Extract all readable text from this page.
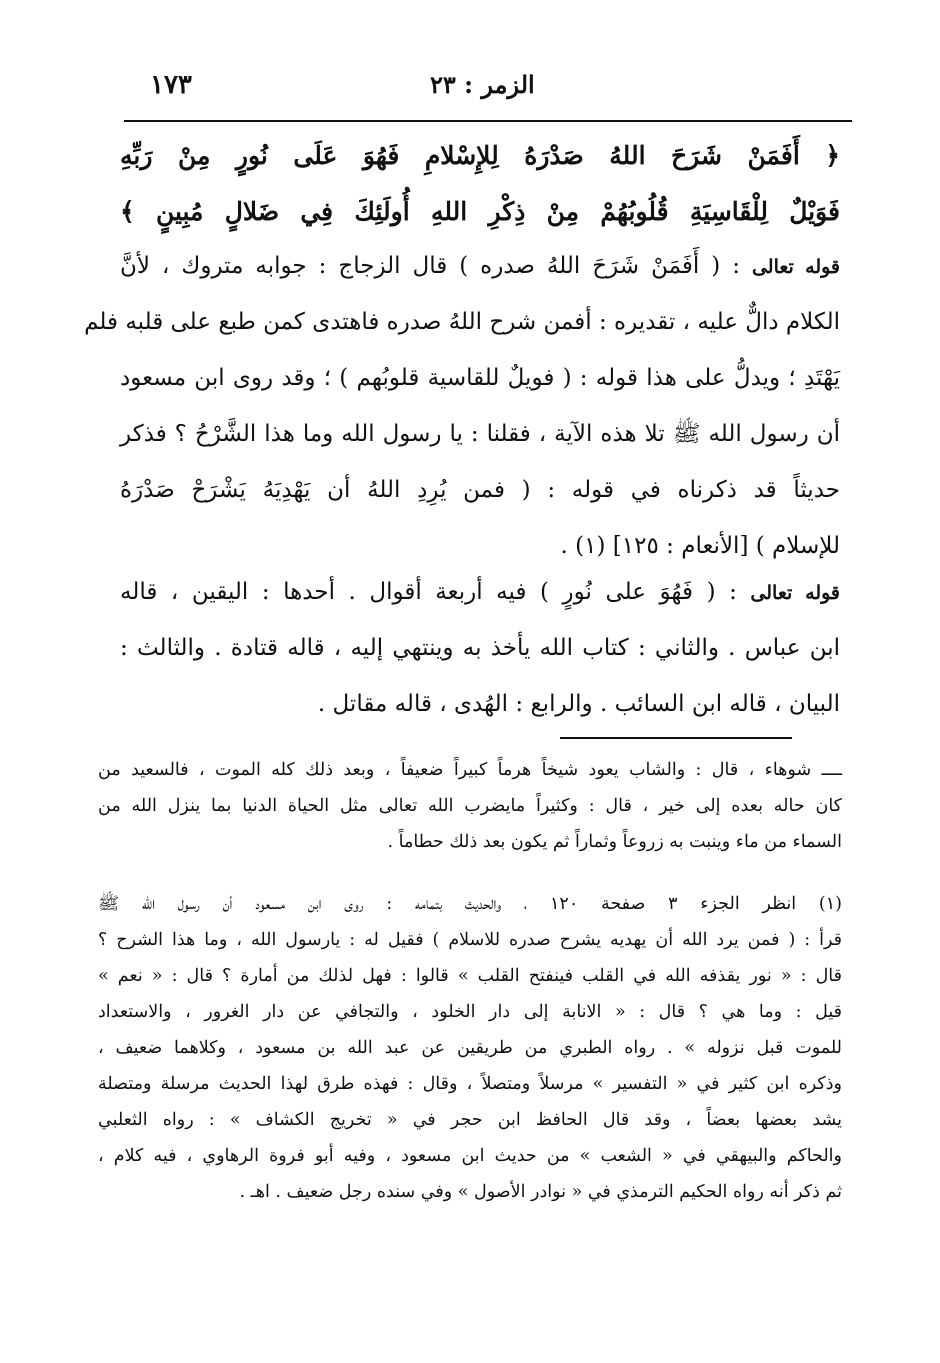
١٧٣	الزمر : ٢٣
﴿ أَفَمَنْ شَرَحَ اللهُ صَدْرَهُ لِلإِسْلامِ فَهُوَ عَلَى نُورٍ مِنْ رَبِّهِ
فَوَيْلٌ لِلْقَاسِيَةِ قُلُوبُهُمْ مِنْ ذِكْرِ اللهِ أُولَئِكَ فِي ضَلالٍ مُبِينٍ ﴾
قوله تعالى : ( أَفَمَنْ شَرَحَ اللهُ صدره ) قال الزجاج : جوابه متروك ، لأنَّ
الكلام دالٌّ عليه ، تقديره : أفمن شرح اللهُ صدره فاهتدى كمن طبع على قلبه فلم
يَهْتَدِ ؛ ويدلُّ على هذا قوله : ( فويلٌ للقاسية قلوبُهم ) ؛ وقد روى ابن مسعود
أن رسول الله ﷺ تلا هذه الآية ، فقلنا : يا رسول الله وما هذا الشَّرْحُ ؟ فذكر
حديثاً قد ذكرناه في قوله : ( فمن يُرِدِ اللهُ أن يَهْدِيَهُ يَشْرَحْ صَدْرَهُ
للإسلام ) [الأنعام : ١٢٥] (١) .
قوله تعالى : ( فَهُوَ على نُورٍ ) فيه أربعة أقوال . أحدها : اليقين ، قاله
ابن عباس . والثاني : كتاب الله يأخذ به وينتهي إليه ، قاله قتادة . والثالث :
البيان ، قاله ابن السائب . والرابع : الهُدى ، قاله مقاتل .
ــــ شوهاء ، قال : والشاب يعود شيخاً هرماً كبيراً ضعيفاً ، وبعد ذلك كله الموت ، فالسعيد من
كان حاله بعده إلى خير ، قال : وكثيراً مايضرب الله تعالى مثل الحياة الدنيا بما ينزل الله من
السماء من ماء وينبت به زروعاً وثماراً ثم يكون بعد ذلك حطاماً .
(١) انظر الجزء ٣ صفحة ١٢٠ ، والحديث بتمامه : روى ابن مسعود أن رسول الله ﷺ
قرأ : ( فمن يرد الله أن يهديه يشرح صدره للاسلام ) فقيل له : يارسول الله ، وما هذا الشرح ؟
قال : « نور يقذفه الله في القلب فينفتح القلب » قالوا : فهل لذلك من أمارة ؟ قال : « نعم »
قيل : وما هي ؟ قال : « الانابة إلى دار الخلود ، والتجافي عن دار الغرور ، والاستعداد
للموت قبل نزوله » . رواه الطبري من طريقين عن عبد الله بن مسعود ، وكلاهما ضعيف ،
وذكره ابن كثير في « التفسير » مرسلاً ومتصلاً ، وقال : فهذه طرق لهذا الحديث مرسلة ومتصلة
يشد بعضها بعضاً ، وقد قال الحافظ ابن حجر في « تخريج الكشاف » : رواه الثعلبي
والحاكم والبيهقي في « الشعب » من حديث ابن مسعود ، وفيه أبو فروة الرهاوي ، فيه كلام ،
ثم ذكر أنه رواه الحكيم الترمذي في « نوادر الأصول » وفي سنده رجل ضعيف . اهـ .
